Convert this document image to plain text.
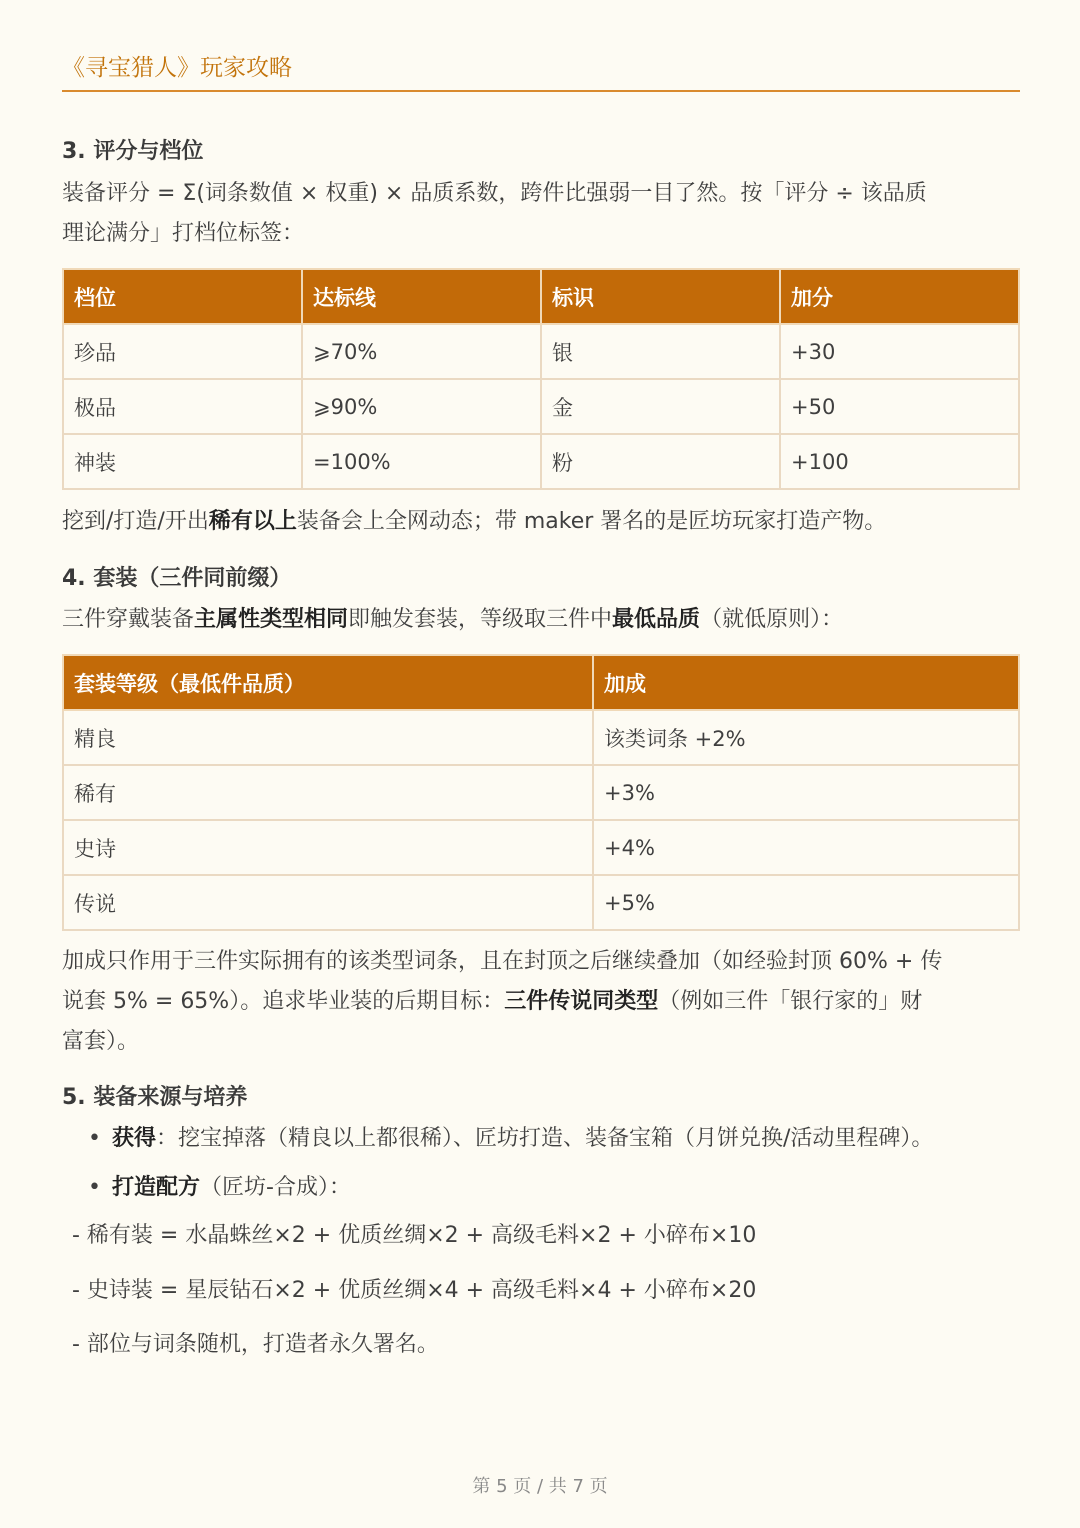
《寻宝猎人》玩家攻略
3. 评分与档位

装备评分 = Σ(词条数值 × 权重) × 品质系数，跨件比强弱一目了然。按「评分 ÷ 该品质
理论满分」打档位标签：

档位	达标线	标识	加分
珍品	⩾70%	银	+30
极品	⩾90%	金	+50
神装	=100%	粉	+100

挖到/打造/开出稀有以上装备会上全网动态；带 maker 署名的是匠坊玩家打造产物。

4. 套装（三件同前缀）

三件穿戴装备主属性类型相同即触发套装，等级取三件中最低品质（就低原则）：

套装等级（最低件品质）	加成
精良	该类词条 +2%
稀有	+3%
史诗	+4%
传说	+5%

加成只作用于三件实际拥有的该类型词条，且在封顶之后继续叠加（如经验封顶 60% + 传
说套 5% = 65%）。追求毕业装的后期目标：三件传说同类型（例如三件「银行家的」财
富套）。

5. 装备来源与培养
• 获得：挖宝掉落（精良以上都很稀）、匠坊打造、装备宝箱（月饼兑换/活动里程碑）。
• 打造配方（匠坊-合成）：
- 稀有装 = 水晶蛛丝×2 + 优质丝绸×2 + 高级毛料×2 + 小碎布×10
- 史诗装 = 星辰钻石×2 + 优质丝绸×4 + 高级毛料×4 + 小碎布×20
- 部位与词条随机，打造者永久署名。
第 5 页 / 共 7 页
